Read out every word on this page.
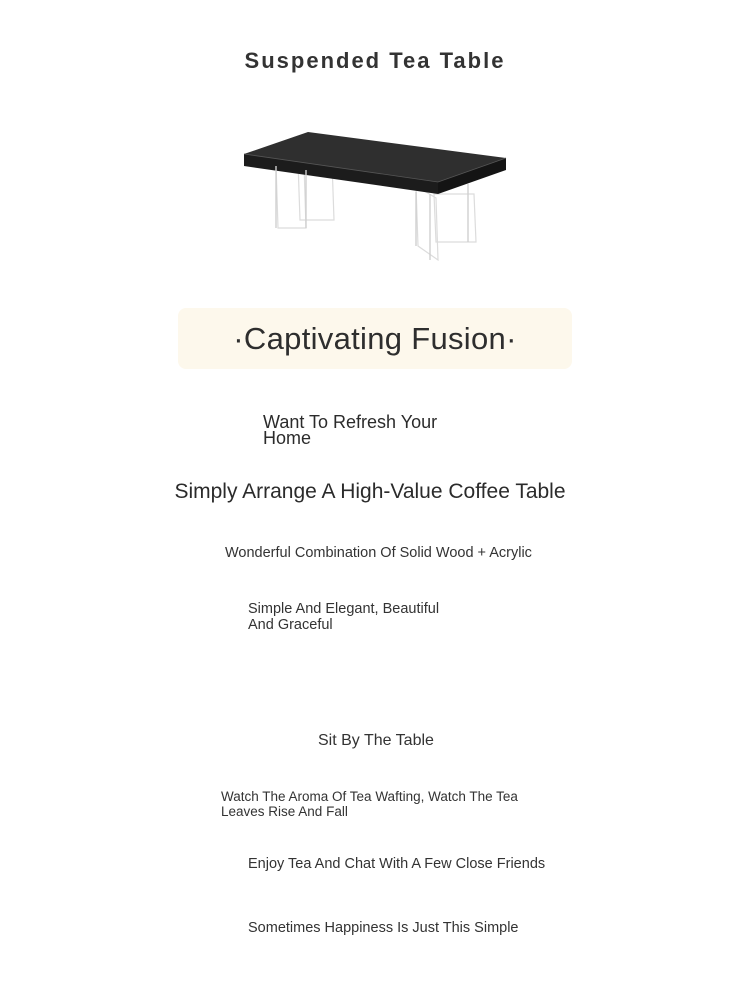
Suspended Tea Table
·Captivating Fusion·
Want To Refresh Your Home
Simply Arrange A High-Value Coffee Table
Wonderful Combination Of Solid Wood + Acrylic
Simple And Elegant, Beautiful And Graceful
Sit By The Table
Watch The Aroma Of Tea Wafting, Watch The Tea Leaves Rise And Fall
Enjoy Tea And Chat With A Few Close Friends
Sometimes Happiness Is Just This Simple
